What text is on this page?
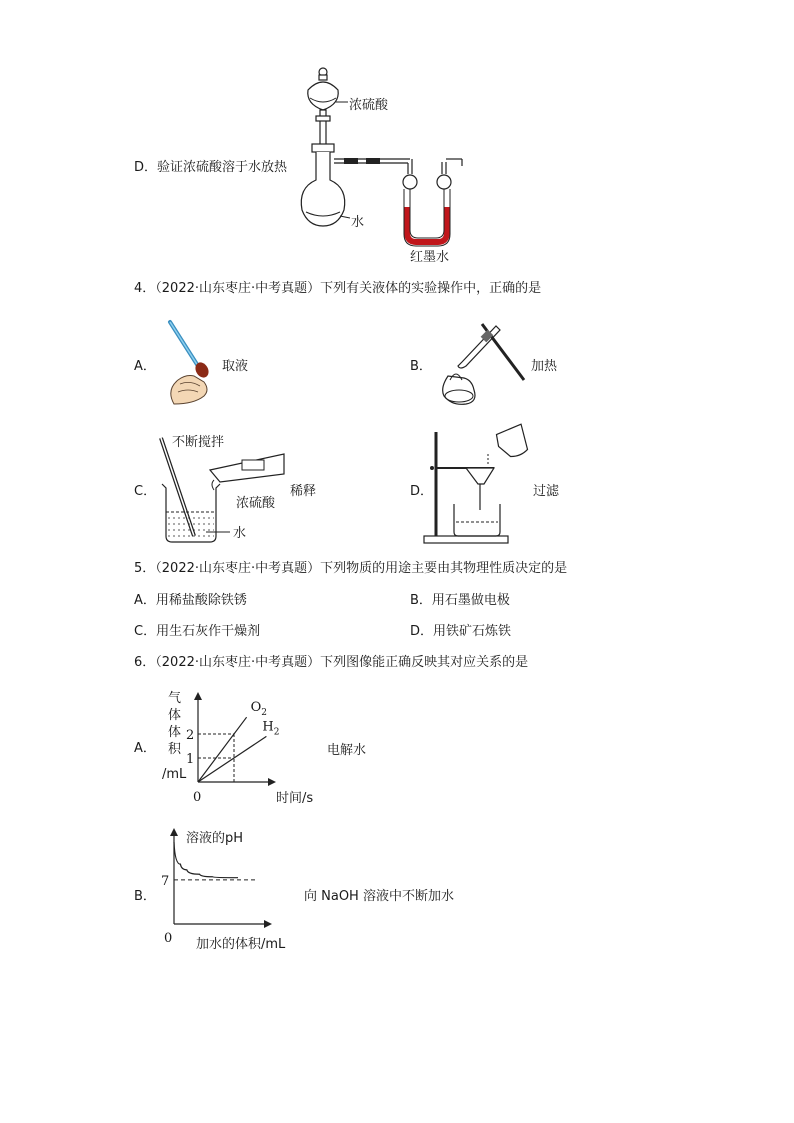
D．验证浓硫酸溶于水放热
浓硫酸
水
红墨水
4．（2022·山东枣庄·中考真题）下列有关液体的实验操作中，正确的是
A．	取液	B．	加热
C．
不断搅拌
浓硫酸
稀释
水
D．	过滤
5．（2022·山东枣庄·中考真题）下列物质的用途主要由其物理性质决定的是
A．用稀盐酸除铁锈	B．用石墨做电极
C．用生石灰作干燥剂	D．用铁矿石炼铁
6．（2022·山东枣庄·中考真题）下列图像能正确反映其对应关系的是
A．	电解水
气
体
体
积
/mL
1
2
$O_2$
$H_2$
0	时间/s
B．	向 NaOH 溶液中不断加水
溶液的pH
7
0 加水的体积/mL
